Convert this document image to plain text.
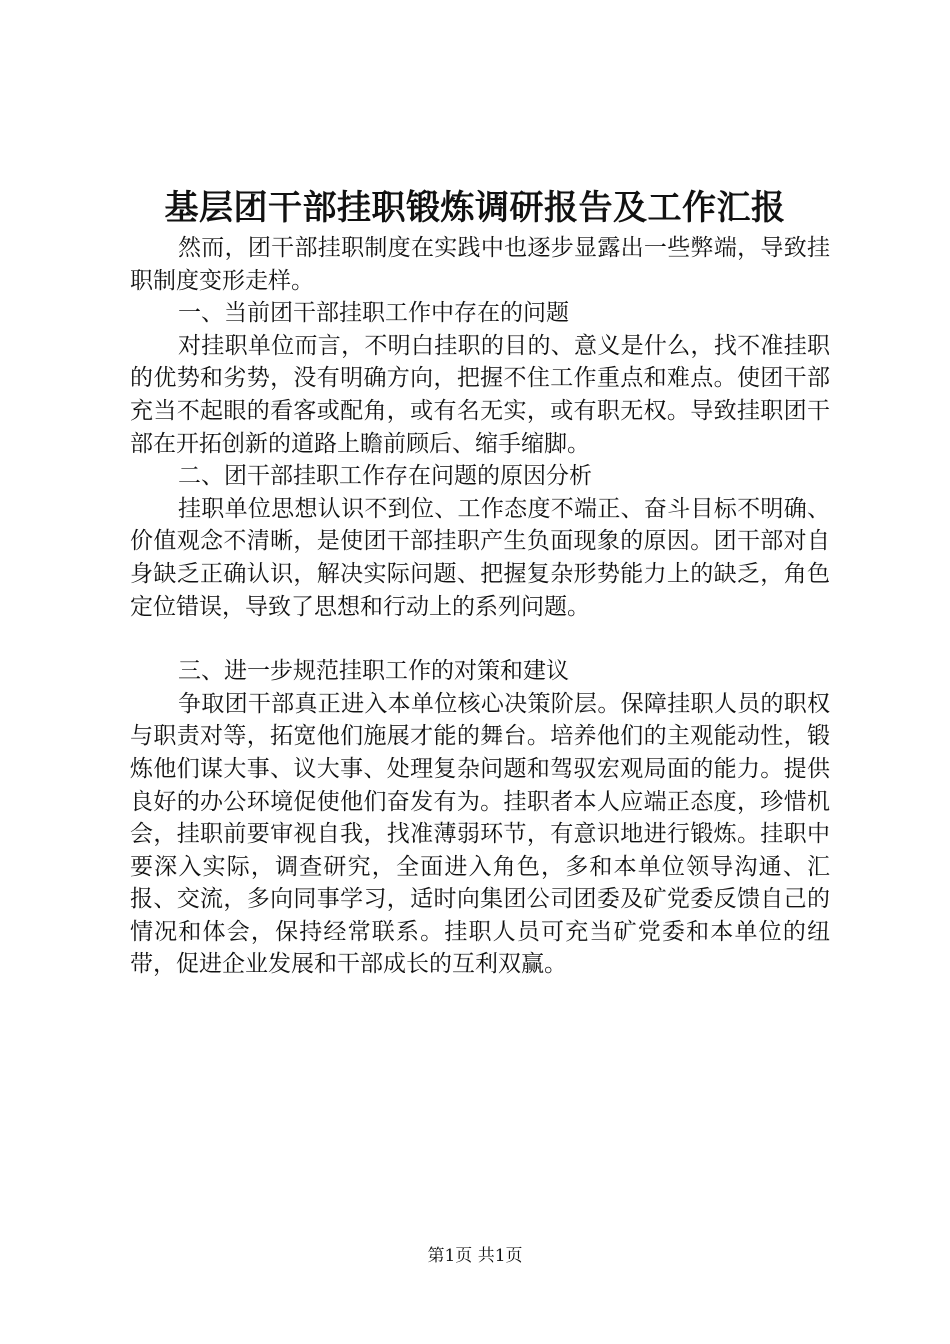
基层团干部挂职锻炼调研报告及工作汇报

然而，团干部挂职制度在实践中也逐步显露出一些弊端，导致挂职制度变形走样。

一、当前团干部挂职工作中存在的问题

对挂职单位而言，不明白挂职的目的、意义是什么，找不准挂职的优势和劣势，没有明确方向，把握不住工作重点和难点。使团干部充当不起眼的看客或配角，或有名无实，或有职无权。导致挂职团干部在开拓创新的道路上瞻前顾后、缩手缩脚。

二、团干部挂职工作存在问题的原因分析

挂职单位思想认识不到位、工作态度不端正、奋斗目标不明确、价值观念不清晰，是使团干部挂职产生负面现象的原因。团干部对自身缺乏正确认识，解决实际问题、把握复杂形势能力上的缺乏，角色定位错误，导致了思想和行动上的系列问题。

三、进一步规范挂职工作的对策和建议

争取团干部真正进入本单位核心决策阶层。保障挂职人员的职权与职责对等，拓宽他们施展才能的舞台。培养他们的主观能动性，锻炼他们谋大事、议大事、处理复杂问题和驾驭宏观局面的能力。提供良好的办公环境促使他们奋发有为。挂职者本人应端正态度，珍惜机会，挂职前要审视自我，找准薄弱环节，有意识地进行锻炼。挂职中要深入实际，调查研究，全面进入角色，多和本单位领导沟通、汇报、交流，多向同事学习，适时向集团公司团委及矿党委反馈自己的情况和体会，保持经常联系。挂职人员可充当矿党委和本单位的纽带，促进企业发展和干部成长的互利双赢。

第1页 共1页
